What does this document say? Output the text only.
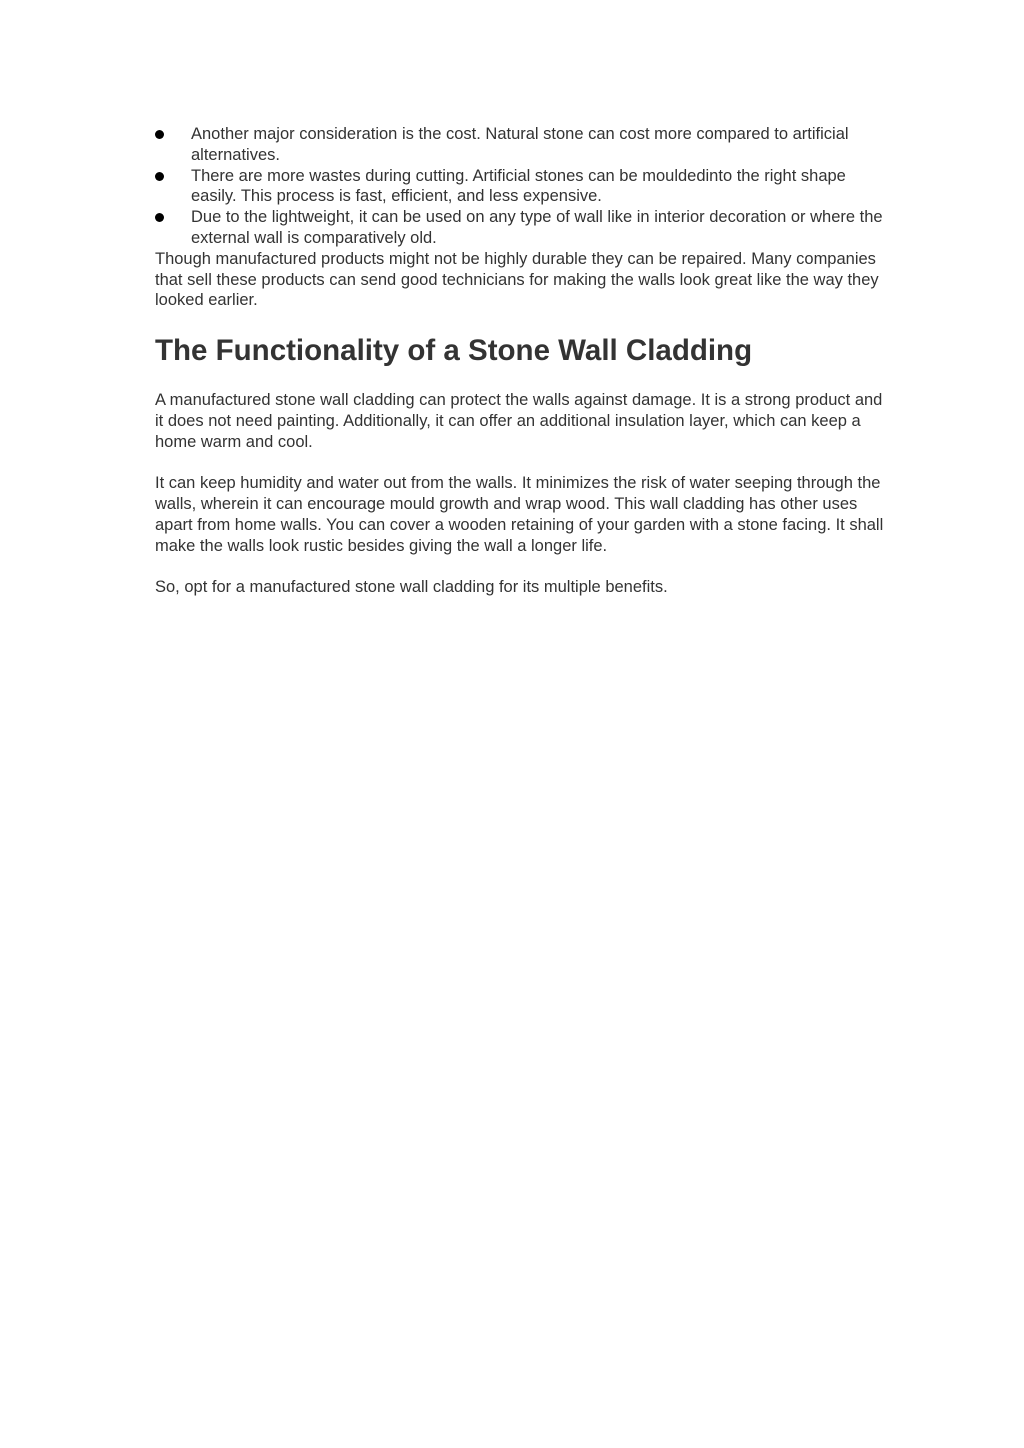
Another major consideration is the cost. Natural stone can cost more compared to artificial alternatives.
There are more wastes during cutting. Artificial stones can be mouldedinto the right shape easily. This process is fast, efficient, and less expensive.
Due to the lightweight, it can be used on any type of wall like in interior decoration or where the external wall is comparatively old.

Though manufactured products might not be highly durable they can be repaired. Many companies that sell these products can send good technicians for making the walls look great like the way they looked earlier.

The Functionality of a Stone Wall Cladding

A manufactured stone wall cladding can protect the walls against damage. It is a strong product and it does not need painting. Additionally, it can offer an additional insulation layer, which can keep a home warm and cool.

It can keep humidity and water out from the walls. It minimizes the risk of water seeping through the walls, wherein it can encourage mould growth and wrap wood. This wall cladding has other uses apart from home walls. You can cover a wooden retaining of your garden with a stone facing. It shall make the walls look rustic besides giving the wall a longer life.

So, opt for a manufactured stone wall cladding for its multiple benefits.
